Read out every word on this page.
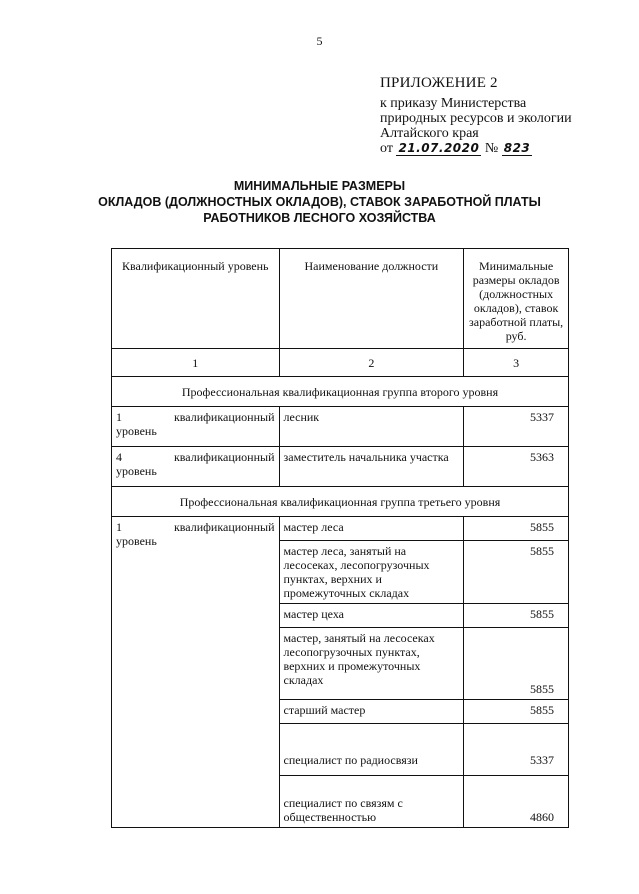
5
ПРИЛОЖЕНИЕ 2
к приказу Министерства
природных ресурсов и экологии
Алтайского края
от 21.07.2020 № 823
МИНИМАЛЬНЫЕ РАЗМЕРЫ
ОКЛАДОВ (ДОЛЖНОСТНЫХ ОКЛАДОВ), СТАВОК ЗАРАБОТНОЙ ПЛАТЫ
РАБОТНИКОВ ЛЕСНОГО ХОЗЯЙСТВА
Квалификационный уровень	Наименование должности	Минимальные размеры окладов (должностных окладов), ставок заработной платы, руб.
1	2	3
Профессиональная квалификационная группа второго уровня		

1 квалификационный
уровень	лесник	5337

4 квалификационный
уровень	заместитель начальника участка	5363
Профессиональная квалификационная группа третьего уровня		

1 квалификационный
уровень	мастер леса	5855
	мастер леса, занятый на лесосеках, лесопогрузочных пунктах, верхних и промежуточных складах	5855
	мастер цеха	5855
	мастер, занятый на лесосеках лесопогрузочных пунктах, верхних и промежуточных складах	5855
	старший мастер	5855
	специалист по радиосвязи	5337
	специалист по связям с общественностью	4860
